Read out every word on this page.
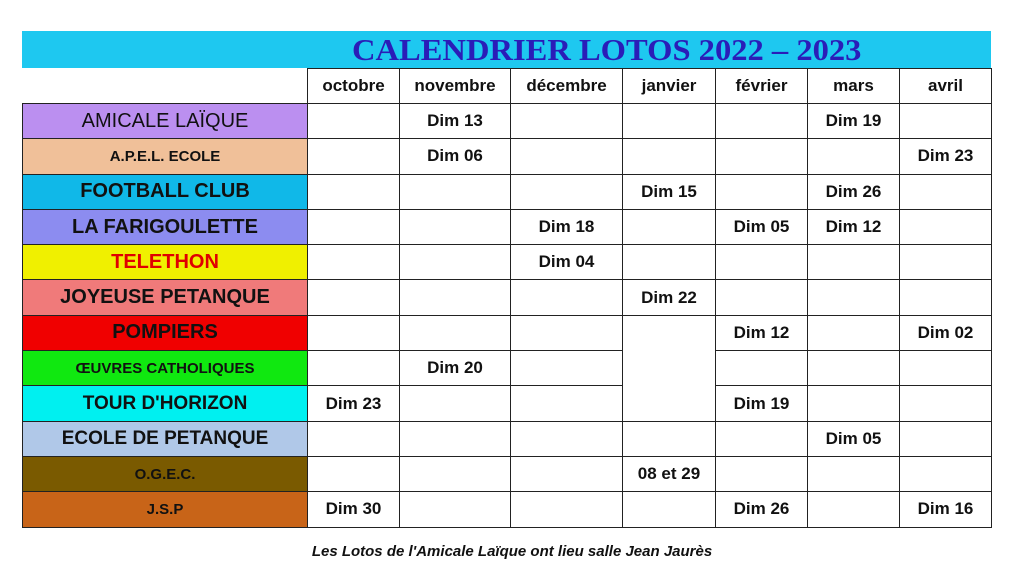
CALENDRIER LOTOS 2022 – 2023
	octobre	novembre	décembre	janvier	février	mars	avril
AMICALE LAÏQUE		Dim 13				Dim 19	
A.P.E.L. ECOLE		Dim 06					Dim 23
FOOTBALL CLUB				Dim 15		Dim 26	
LA FARIGOULETTE			Dim 18		Dim 05	Dim 12	
TELETHON			Dim 04				
JOYEUSE PETANQUE				Dim 22			
POMPIERS					Dim 12		Dim 02
ŒUVRES CATHOLIQUES		Dim 20					
TOUR D'HORIZON	Dim 23				Dim 19		
ECOLE DE PETANQUE						Dim 05	
O.G.E.C.				08 et 29			
J.S.P	Dim 30				Dim 26		Dim 16
Les Lotos de l'Amicale Laïque ont lieu salle Jean Jaurès
